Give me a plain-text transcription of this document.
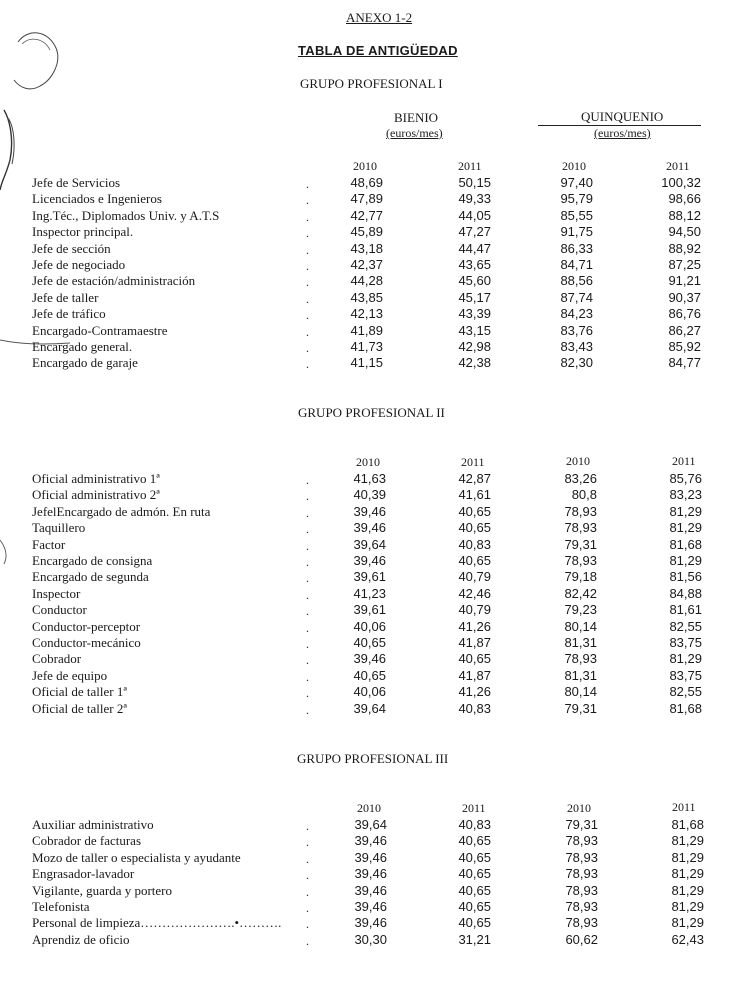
ANEXO 1-2
TABLA DE ANTIGÜEDAD
BIENIO
(euros/mes)
QUINQUENIO
(euros/mes)
GRUPO PROFESIONAL I
2010	2011	2010	2011
Jefe de Servicios	.	48,69	50,15	97,40	100,32
Licenciados e Ingenieros	.	47,89	49,33	95,79	98,66
Ing.Téc., Diplomados Univ. y A.T.S	.	42,77	44,05	85,55	88,12
Inspector principal.	.	45,89	47,27	91,75	94,50
Jefe de sección	.	43,18	44,47	86,33	88,92
Jefe de negociado	.	42,37	43,65	84,71	87,25
Jefe de estación/administración	.	44,28	45,60	88,56	91,21
Jefe de taller	.	43,85	45,17	87,74	90,37
Jefe de tráfico	.	42,13	43,39	84,23	86,76
Encargado-Contramaestre	.	41,89	43,15	83,76	86,27
Encargado general.	.	41,73	42,98	83,43	85,92
Encargado de garaje	.	41,15	42,38	82,30	84,77
GRUPO PROFESIONAL II
2010	2011	2010	2011
Oficial administrativo 1ª	.	41,63	42,87	83,26	85,76
Oficial administrativo 2ª	.	40,39	41,61	80,8	83,23
JefelEncargado de admón. En ruta	.	39,46	40,65	78,93	81,29
Taquillero	.	39,46	40,65	78,93	81,29
Factor	.	39,64	40,83	79,31	81,68
Encargado de consigna	.	39,46	40,65	78,93	81,29
Encargado de segunda	.	39,61	40,79	79,18	81,56
Inspector	.	41,23	42,46	82,42	84,88
Conductor	.	39,61	40,79	79,23	81,61
Conductor-perceptor	.	40,06	41,26	80,14	82,55
Conductor-mecánico	.	40,65	41,87	81,31	83,75
Cobrador	.	39,46	40,65	78,93	81,29
Jefe de equipo	.	40,65	41,87	81,31	83,75
Oficial de taller 1ª	.	40,06	41,26	80,14	82,55
Oficial de taller 2ª	.	39,64	40,83	79,31	81,68
GRUPO PROFESIONAL III
2010	2011	2010	2011
Auxiliar administrativo	.	39,64	40,83	79,31	81,68
Cobrador de facturas	.	39,46	40,65	78,93	81,29
Mozo de taller o especialista y ayudante	.	39,46	40,65	78,93	81,29
Engrasador-lavador	.	39,46	40,65	78,93	81,29
Vigilante, guarda y portero	.	39,46	40,65	78,93	81,29
Telefonista	.	39,46	40,65	78,93	81,29
Personal de limpieza………………….•………. .	39,46	40,65	78,93	81,29
Aprendiz de oficio	.	30,30	31,21	60,62	62,43
